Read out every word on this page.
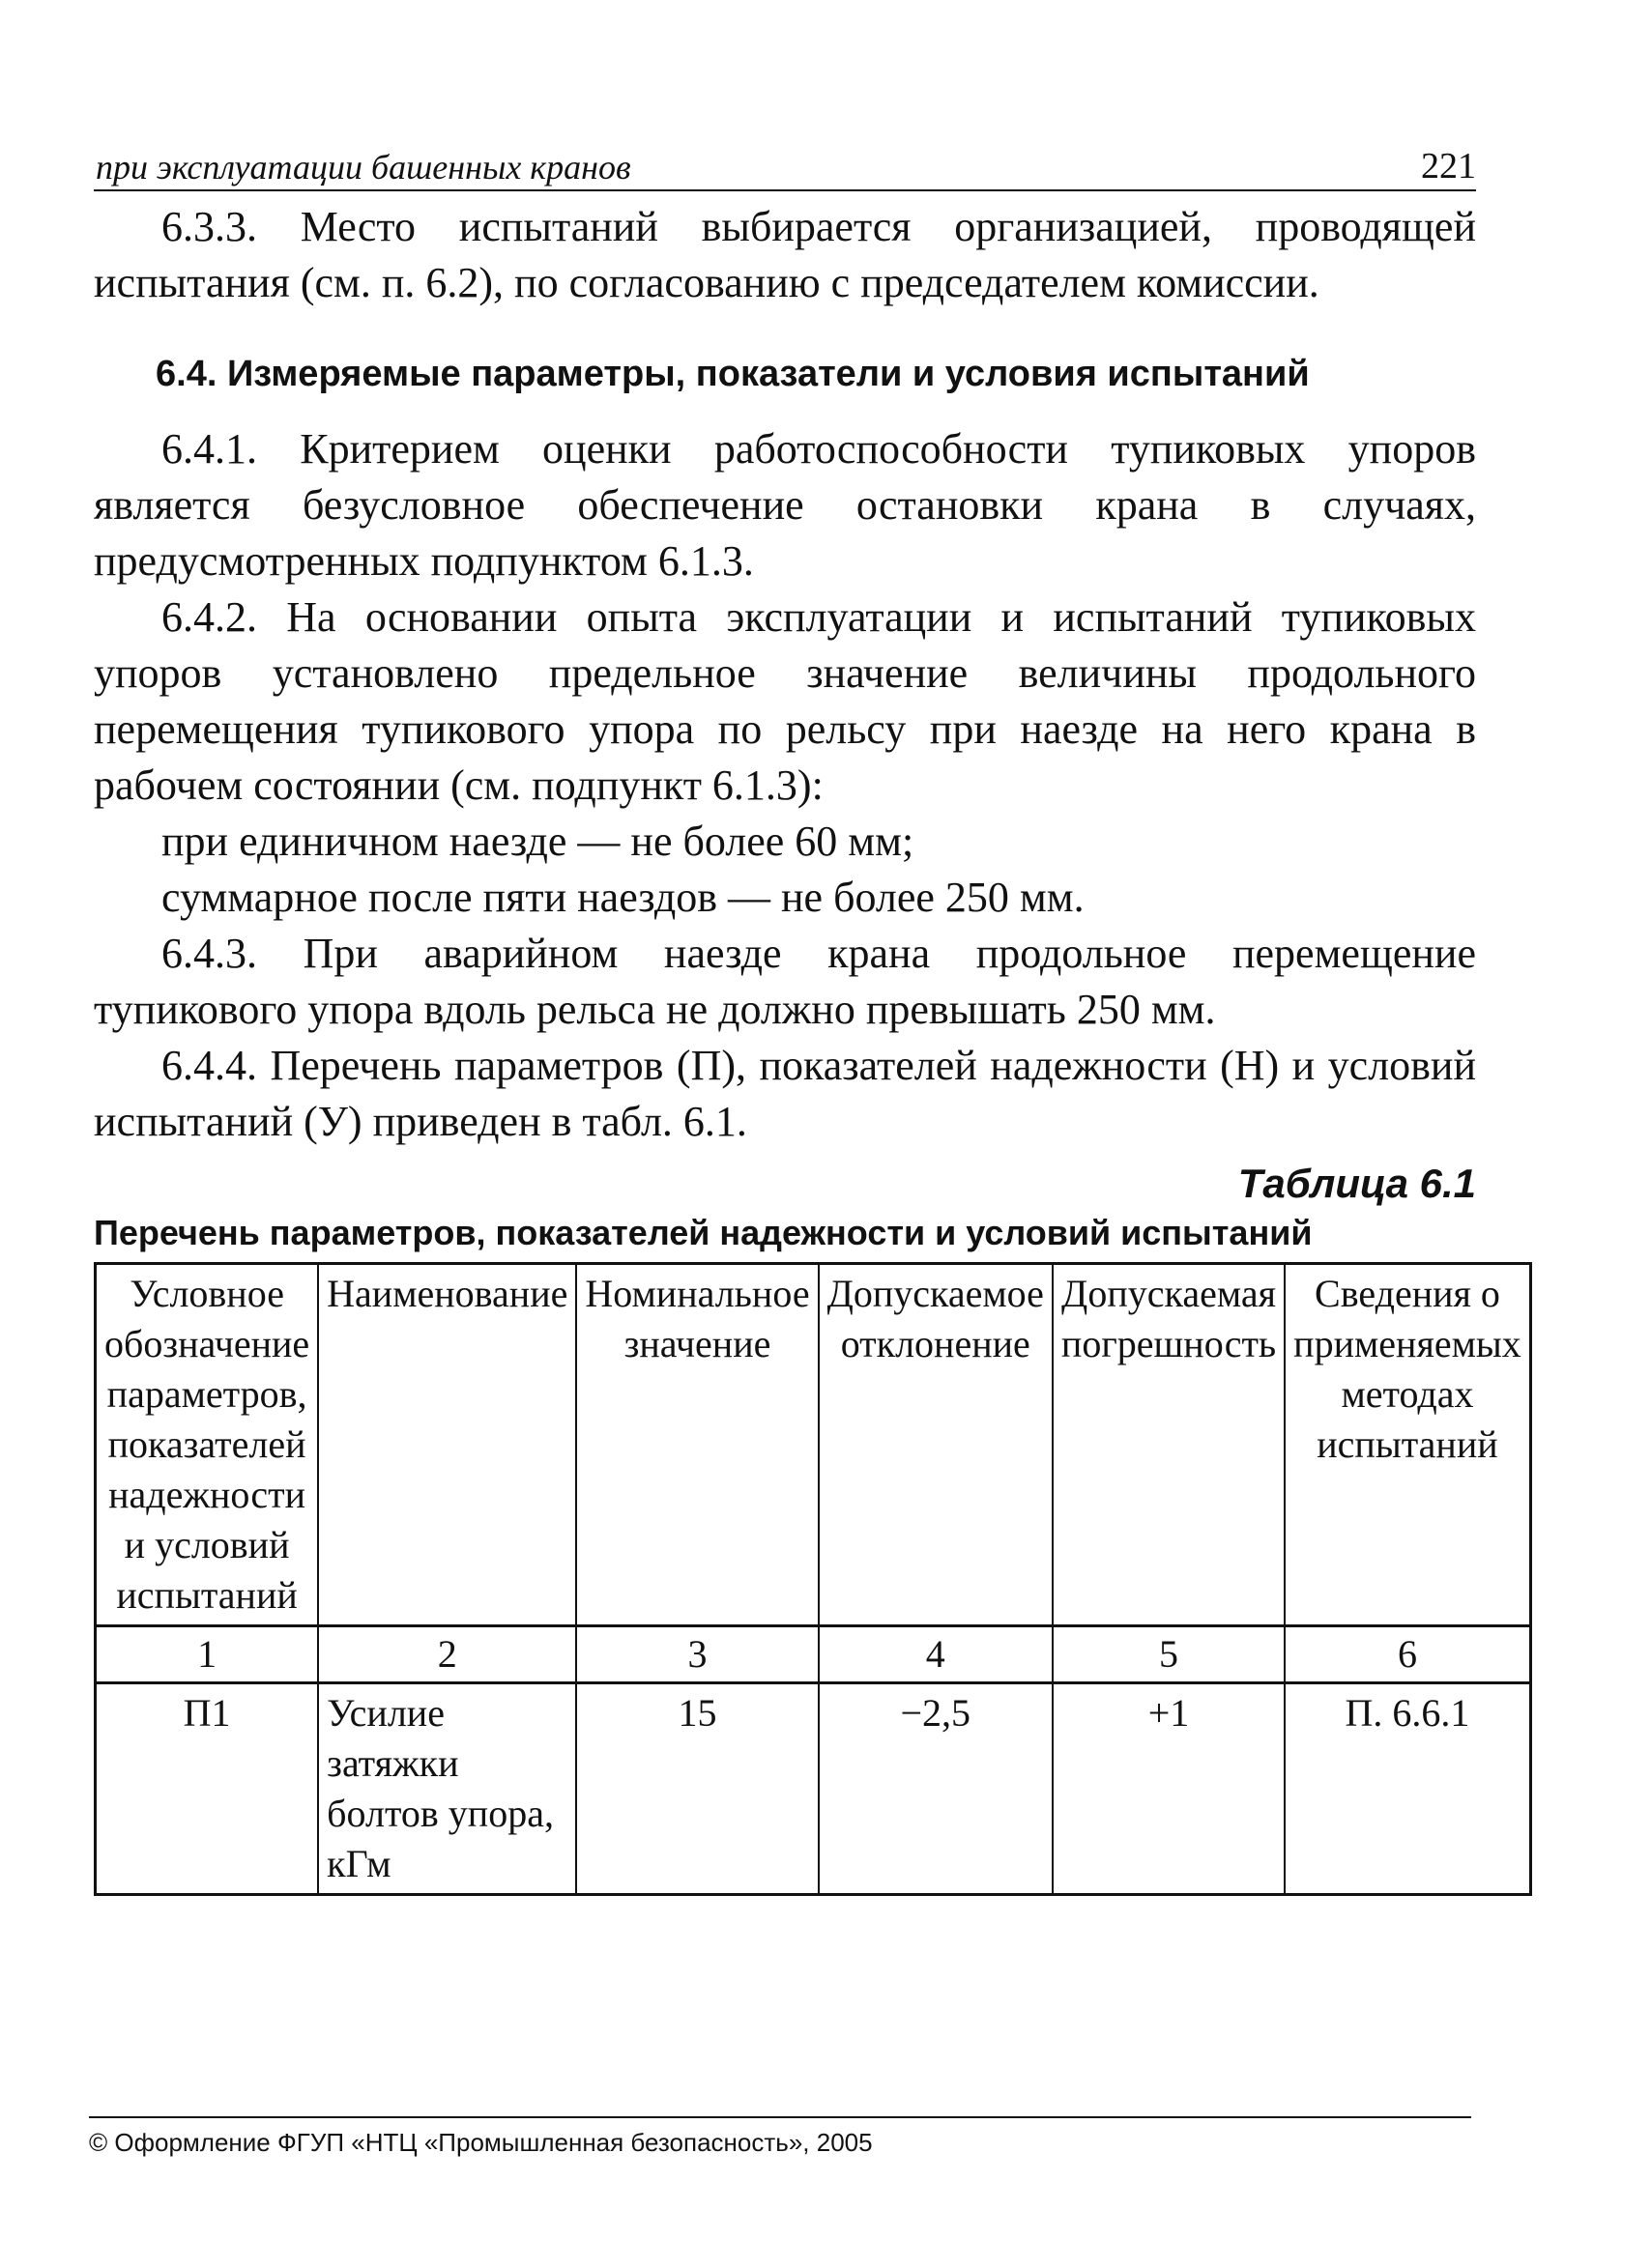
при эксплуатации башенных кранов	221

6.3.3. Место испытаний выбирается организацией, проводящей испытания (см. п. 6.2), по согласованию с председателем комиссии.

6.4. Измеряемые параметры, показатели и условия испытаний

6.4.1. Критерием оценки работоспособности тупиковых упоров является безусловное обеспечение остановки крана в случаях, предусмотренных подпунктом 6.1.3.

6.4.2. На основании опыта эксплуатации и испытаний тупиковых упоров установлено предельное значение величины продольного перемещения тупикового упора по рельсу при наезде на него крана в рабочем состоянии (см. подпункт 6.1.3):

при единичном наезде — не более 60 мм;

суммарное после пяти наездов — не более 250 мм.

6.4.3. При аварийном наезде крана продольное перемещение тупикового упора вдоль рельса не должно превышать 250 мм.

6.4.4. Перечень параметров (П), показателей надежности (Н) и условий испытаний (У) приведен в табл. 6.1.

Таблица 6.1
Перечень параметров, показателей надежности и условий испытаний
Условное обозначение параметров, показателей надежности и условий испытаний	Наименование	Номинальное значение	Допускаемое отклонение	Допускаемая погрешность	Сведения о применяемых методах испытаний
1	2	3	4	5	6
П1	Усилие затяжки болтов упора, кГм	15	−2,5	+1	П. 6.6.1
© Оформление ФГУП «НТЦ «Промышленная безопасность», 2005
